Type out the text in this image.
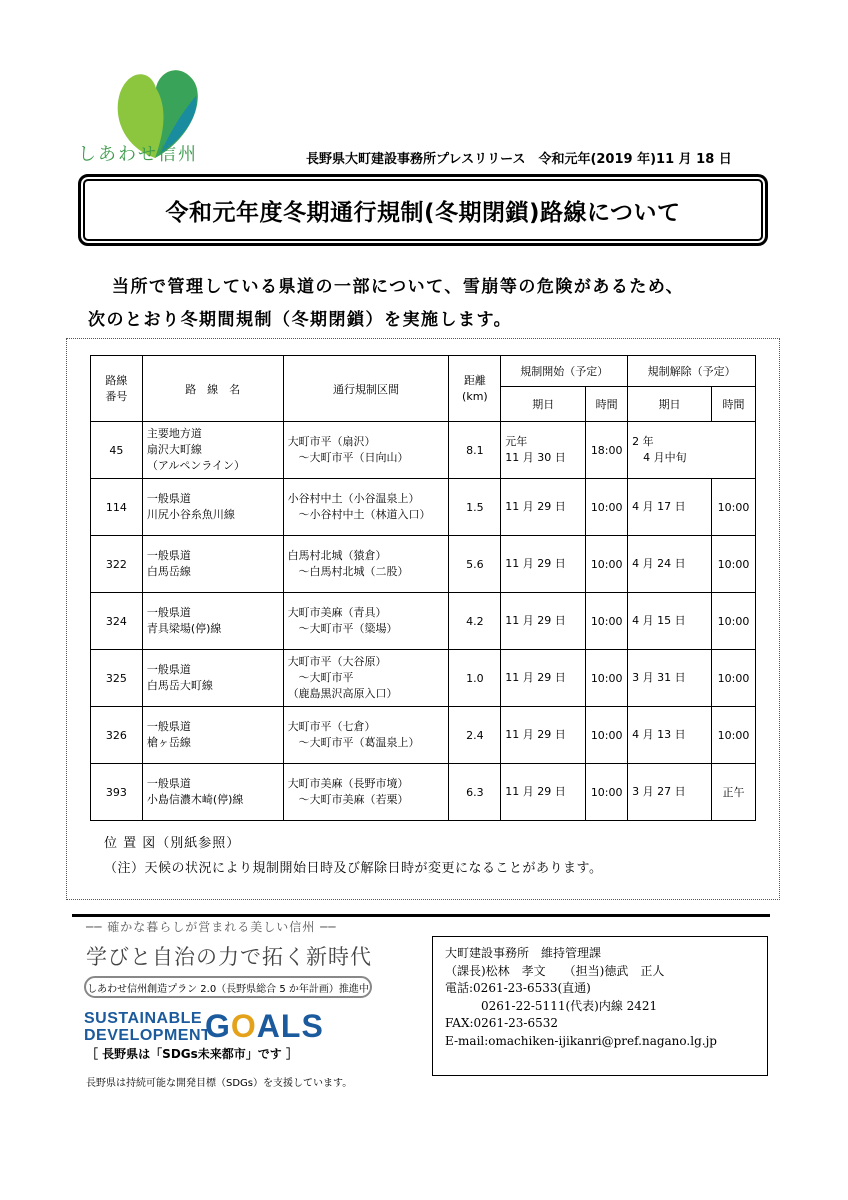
しあわせ信州	長野県大町建設事務所プレスリリース　令和元年(2019 年)11 月 18 日
令和元年度冬期通行規制(冬期閉鎖)路線について
当所で管理している県道の一部について、雪崩等の危険があるため、
次のとおり冬期間規制（冬期閉鎖）を実施します。
路線
番号	路　線　名	通行規制区間	距離
(km)	規制開始（予定）		規制解除（予定）	
				期日	時間	期日	時間
45	主要地方道
扇沢大町線
（アルペンライン）	大町市平（扇沢）
　～大町市平（日向山）	8.1	元年
11 月 30 日	18:00	2 年
　4 月中旬	

114	一般県道
川尻小谷糸魚川線	小谷村中土（小谷温泉上）
　～小谷村中土（林道入口）	1.5	11 月 29 日	10:00	4 月 17 日	10:00
322	一般県道
白馬岳線	白馬村北城（猿倉）
　～白馬村北城（二股）	5.6	11 月 29 日	10:00	4 月 24 日	10:00
324	一般県道
青具梁場(停)線	大町市美麻（青具）
　～大町市平（簗場）	4.2	11 月 29 日	10:00	4 月 15 日	10:00
325	一般県道
白馬岳大町線	大町市平（大谷原）
　～大町市平
（鹿島黒沢高原入口）	1.0	11 月 29 日	10:00	3 月 31 日	10:00
326	一般県道
槍ヶ岳線	大町市平（七倉）
　～大町市平（葛温泉上）	2.4	11 月 29 日	10:00	4 月 13 日	10:00
393	一般県道
小島信濃木崎(停)線	大町市美麻（長野市境）
　～大町市美麻（若栗）	6.3	11 月 29 日	10:00	3 月 27 日	正午
位 置 図（別紙参照）
（注）天候の状況により規制開始日時及び解除日時が変更になることがあります。
── 確かな暮らしが営まれる美しい信州 ──
学びと自治の力で拓く新時代
しあわせ信州創造プラン 2.0（長野県総合 5 か年計画）推進中
SUSTAINABLE
DEVELOPMENT
GOALS
［ 長野県は「SDGs未来都市」です ］
長野県は持続可能な開発目標（SDGs）を支援しています。
大町建設事務所　維持管理課
（課長)松林　孝文　　（担当)徳武　正人
電話:0261-23-6533(直通)
　　　0261-22-5111(代表)内線 2421
FAX:0261-23-6532
E-mail:omachiken-ijikanri@pref.nagano.lg.jp
